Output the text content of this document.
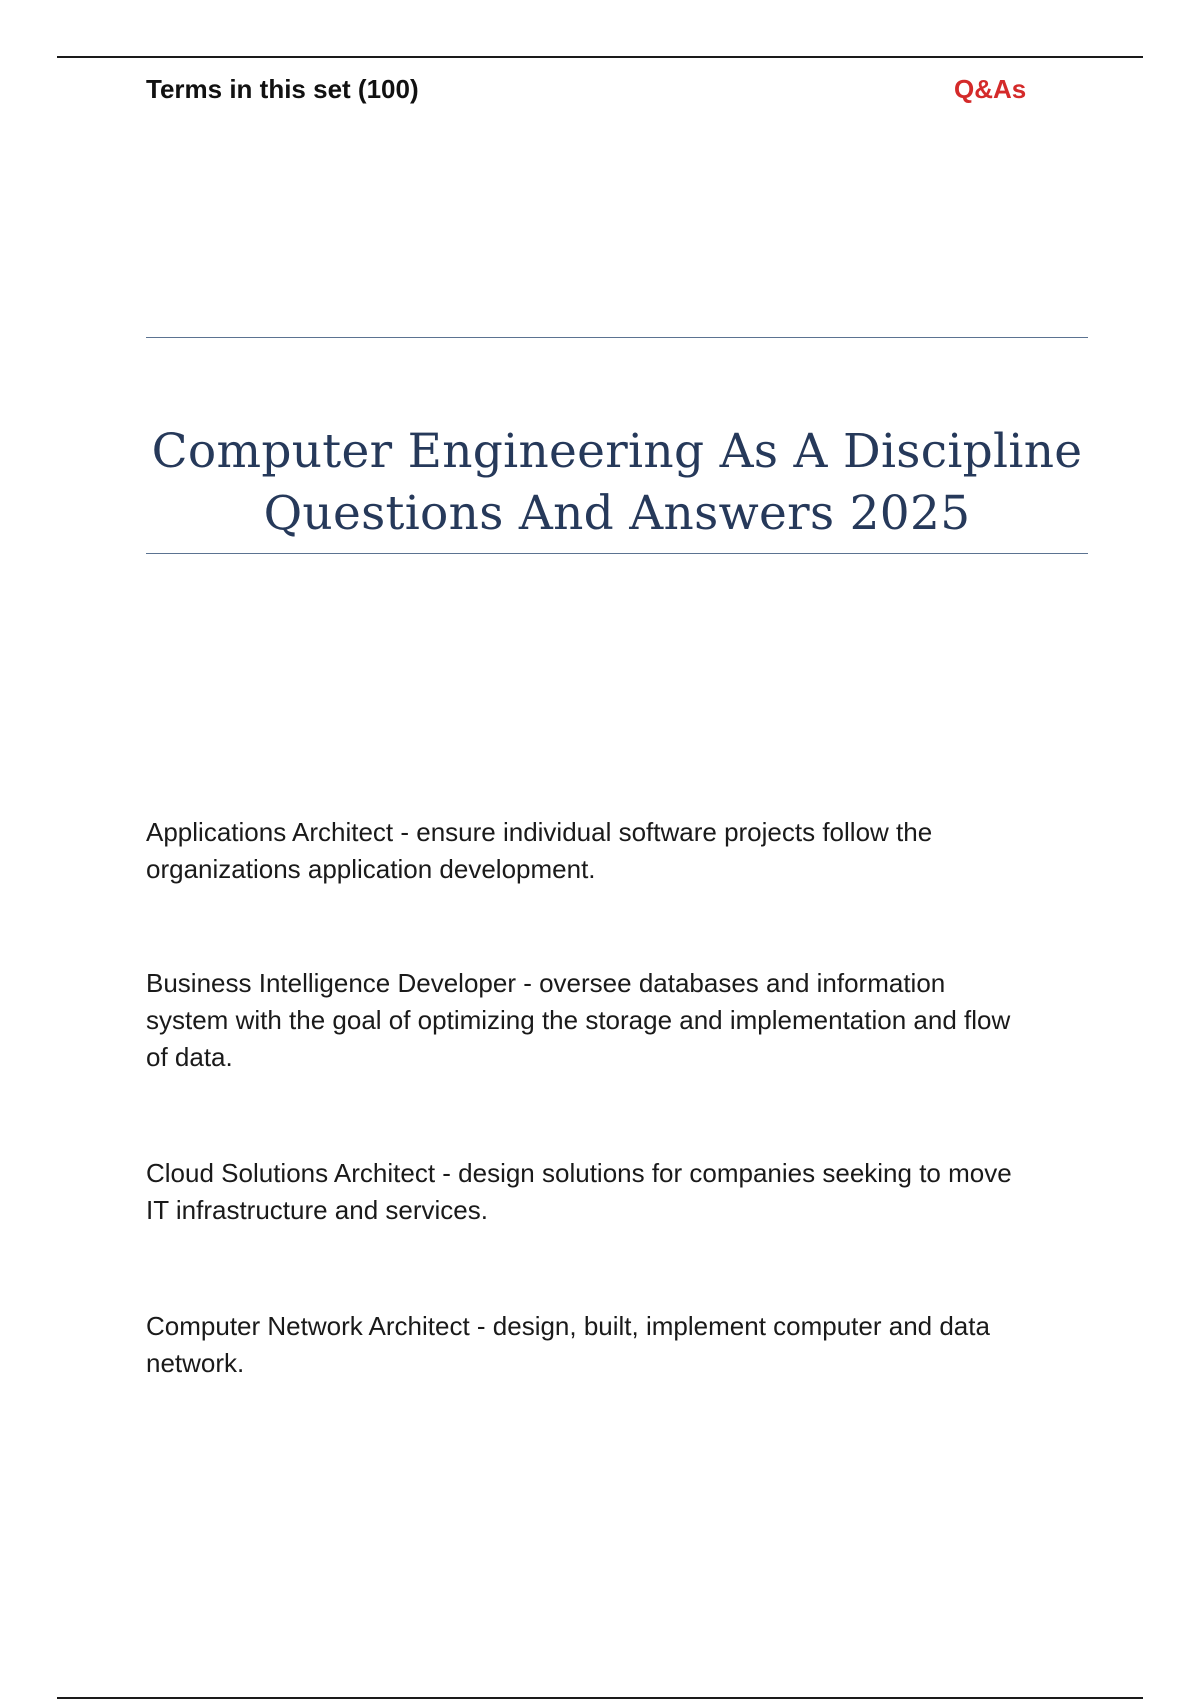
Terms in this set (100)	Q&As
Computer Engineering As A Discipline
Questions And Answers 2025
Applications Architect - ensure individual software projects follow the
organizations application development.
Business Intelligence Developer - oversee databases and information
system with the goal of optimizing the storage and implementation and flow
of data.
Cloud Solutions Architect - design solutions for companies seeking to move
IT infrastructure and services.
Computer Network Architect - design, built, implement computer and data
network.
